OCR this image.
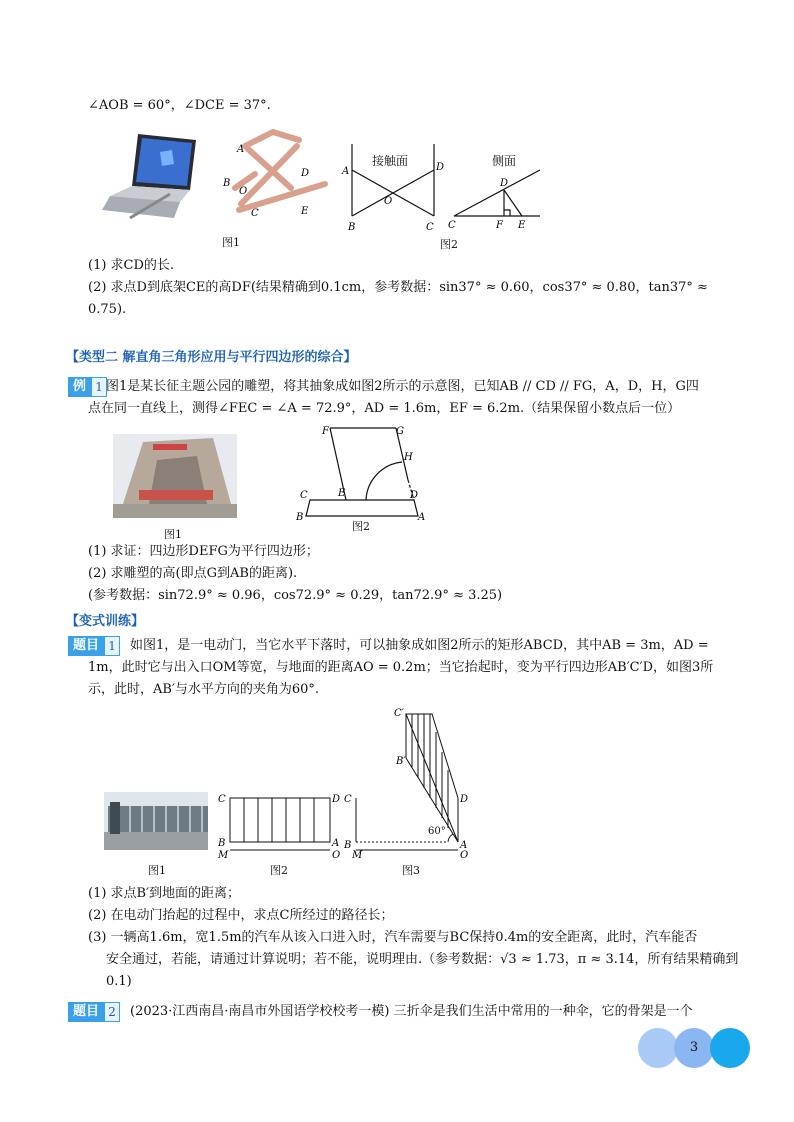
∠AOB = 60°，∠DCE = 37°.
A
B
O
D
C	E
图1
A	D
O
B	C
接触面
D
C	F E
侧面
图2
(1) 求CD的长.
(2) 求点D到底架CE的高DF(结果精确到0.1cm，参考数据：sin37° ≈ 0.60，cos37° ≈ 0.80，tan37° ≈
0.75).
【类型二 解直角三角形应用与平行四边形的综合】
例 1 图1是某长征主题公园的雕塑，将其抽象成如图2所示的示意图，已知AB // CD // FG，A，D，H，G四
点在同一直线上，测得∠FEC = ∠A = 72.9°，AD = 1.6m，EF = 6.2m.（结果保留小数点后一位）
图1
F	G
H
C	E	D
B	A
图2
(1) 求证：四边形DEFG为平行四边形；
(2) 求雕塑的高(即点G到AB的距离).
(参考数据：sin72.9° ≈ 0.96，cos72.9° ≈ 0.29，tan72.9° ≈ 3.25)
【变式训练】
题目 1	如图1，是一电动门，当它水平下落时，可以抽象成如图2所示的矩形ABCD，其中AB = 3m，AD =
1m，此时它与出入口OM等宽，与地面的距离AO = 0.2m；当它抬起时，变为平行四边形AB′C′D，如图3所
示，此时，AB′与水平方向的夹角为60°.
图1
C	D
B	A
M	O
图2
C′
B′
D
C
B
M
A
O
60°
图3
(1) 求点B′到地面的距离；
(2) 在电动门抬起的过程中，求点C所经过的路径长；
(3) 一辆高1.6m，宽1.5m的汽车从该入口进入时，汽车需要与BC保持0.4m的安全距离，此时，汽车能否
安全通过，若能，请通过计算说明；若不能，说明理由.（参考数据：√3 ≈ 1.73，π ≈ 3.14，所有结果精确到
0.1)
题目 2	(2023·江西南昌·南昌市外国语学校校考一模) 三折伞是我们生活中常用的一种伞，它的骨架是一个
3
